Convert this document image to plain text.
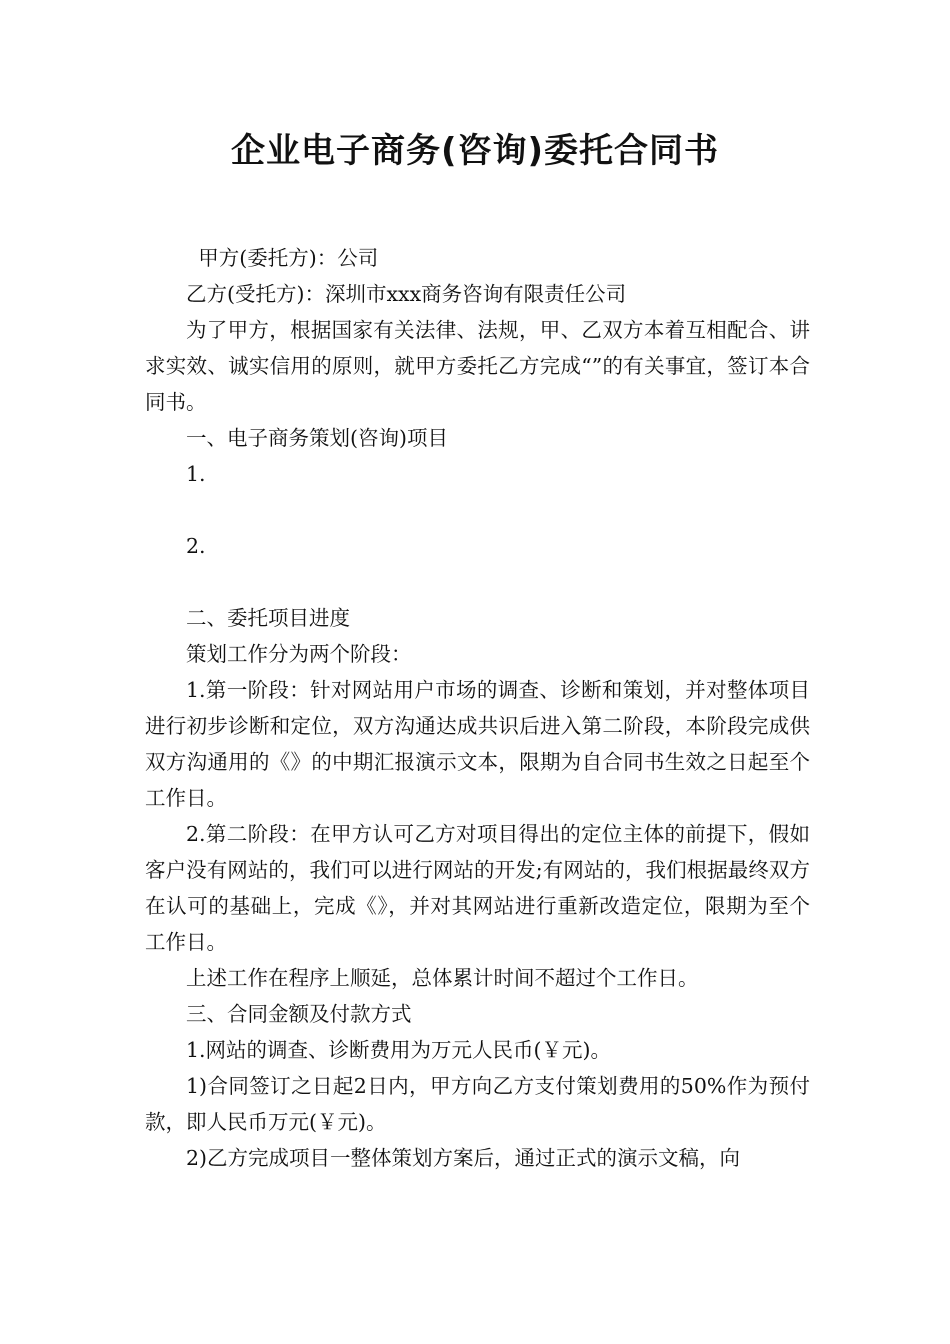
企业电子商务(咨询)委托合同书

甲方(委托方)：公司

乙方(受托方)：深圳市xxx商务咨询有限责任公司

为了甲方，根据国家有关法律、法规，甲、乙双方本着互相配合、讲求实效、诚实信用的原则，就甲方委托乙方完成“”的有关事宜，签订本合同书。

一、电子商务策划(咨询)项目

1.

2.

二、委托项目进度

策划工作分为两个阶段：

1.第一阶段：针对网站用户市场的调查、诊断和策划，并对整体项目进行初步诊断和定位，双方沟通达成共识后进入第二阶段，本阶段完成供双方沟通用的《》的中期汇报演示文本，限期为自合同书生效之日起至个工作日。

2.第二阶段：在甲方认可乙方对项目得出的定位主体的前提下，假如客户没有网站的，我们可以进行网站的开发;有网站的，我们根据最终双方在认可的基础上，完成《》，并对其网站进行重新改造定位，限期为至个工作日。

上述工作在程序上顺延，总体累计时间不超过个工作日。

三、合同金额及付款方式

1.网站的调查、诊断费用为万元人民币(￥元)。

1)合同签订之日起2日内，甲方向乙方支付策划费用的50%作为预付款，即人民币万元(￥元)。

2)乙方完成项目一整体策划方案后，通过正式的演示文稿，向
